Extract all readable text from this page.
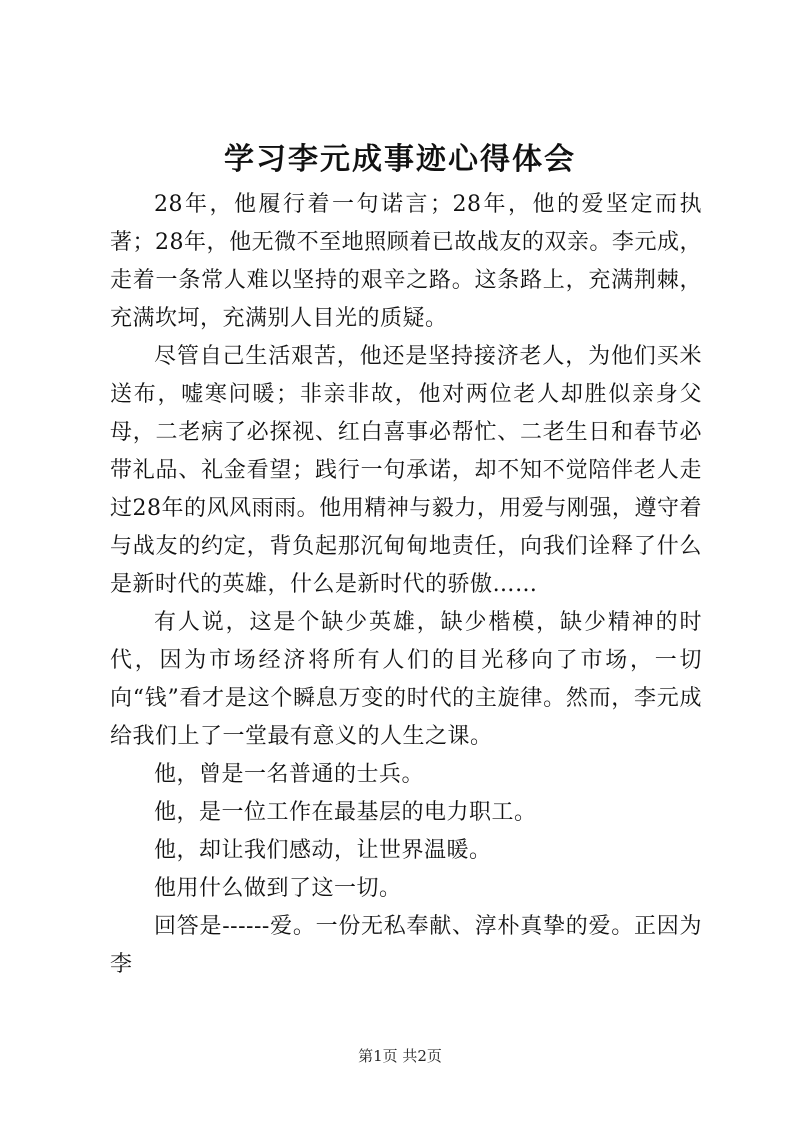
学习李元成事迹心得体会

28年，他履行着一句诺言；28年，他的爱坚定而执著；28年，他无微不至地照顾着已故战友的双亲。李元成，走着一条常人难以坚持的艰辛之路。这条路上，充满荆棘，充满坎坷，充满别人目光的质疑。

尽管自己生活艰苦，他还是坚持接济老人，为他们买米送布，嘘寒问暖；非亲非故，他对两位老人却胜似亲身父母，二老病了必探视、红白喜事必帮忙、二老生日和春节必带礼品、礼金看望；践行一句承诺，却不知不觉陪伴老人走过28年的风风雨雨。他用精神与毅力，用爱与刚强，遵守着与战友的约定，背负起那沉甸甸地责任，向我们诠释了什么是新时代的英雄，什么是新时代的骄傲……

有人说，这是个缺少英雄，缺少楷模，缺少精神的时代，因为市场经济将所有人们的目光移向了市场，一切向“钱”看才是这个瞬息万变的时代的主旋律。然而，李元成给我们上了一堂最有意义的人生之课。

他，曾是一名普通的士兵。

他，是一位工作在最基层的电力职工。

他，却让我们感动，让世界温暖。

他用什么做到了这一切。

回答是------爱。一份无私奉献、淳朴真挚的爱。正因为李

第1页 共2页
